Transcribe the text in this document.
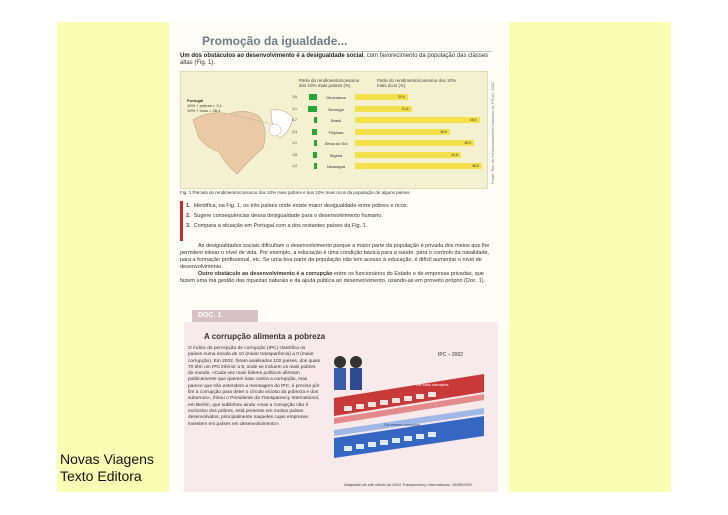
Novas Viagens
Texto Editora
Promoção da igualdade...
Um dos obstáculos ao desenvolvimento é a desigualdade social, com favorecimento da população das classes altas (Fig. 1).
Portugal
10% + pobres = 3,1
10% + ricos = 28,4
Parte do rendimento/consumo dos 10% mais pobres (%)
Parte do rendimento/consumo dos 10% mais ricos (%)
3,6	Dinamarca	20,5
4,1	Noruega	21,8
0,7	Brasil	48,0
2,3	Filipinas	36,6
1,1	África do Sul	45,9
1,6	Nigéria	40,8
1,2	Nicarágua	48,8	Fonte: Rel. do Desenvolvimento Humano do PNUD, 2002
Fig. 1 Parcela do rendimento/consumo dos 10% mais pobres e dos 10% mais ricos da população de alguns países.
1. Identifica, na Fig. 1, os três países onde existe maior desigualdade entre pobres e ricos.
2. Sugere consequências dessa desigualdade para o desenvolvimento humano.
3. Compara a situação em Portugal com a dos restantes países da Fig. 1.
As desigualdades sociais dificultam o desenvolvimento porque a maior parte da população é privada dos meios que lhe permitem elevar o nível de vida. Por exemplo, a educação é uma condição básica para a saúde, para o controlo da natalidade, para a formação profissional, etc. Se uma boa parte da população não tem acesso à educação, é difícil aumentar o nível de desenvolvimento.
Outro obstáculo ao desenvolvimento é a corrupção entre os funcionários do Estado e de empresas privadas, que fazem uma má gestão das riquezas naturais e da ajuda pública ao desenvolvimento, usando-as em proveito próprio (Doc. 1).
DOC. 1
A corrupção alimenta a pobreza
O índice de percepção de corrupção (IPC) classifica os países numa escala de 10 (maior transparência) a 0 (maior corrupção). Em 2002, foram analisados 102 países, dos quais 70 têm um IPC inferior a 5, onde se incluem os mais pobres do mundo. «Cada vez mais líderes políticos afirmam publicamente que querem lutar contra a corrupção, mas parece que não entendem a mensagem do IPC: é preciso pôr fim à corrupção para deter o círculo vicioso da pobreza e dos subornos», frisou o Presidente da Transparency International, em Berlim, que sublinhou ainda «mas a corrupção não é exclusivo dos pobres, está presente em muitos países desenvolvidos, principalmente naqueles cujas empresas investem em países em desenvolvimento».
IPC – 2002
Os mais corruptos
Os menos corruptos
Adaptado do site oficial da ONG Transparency International, 28/08/2002.
